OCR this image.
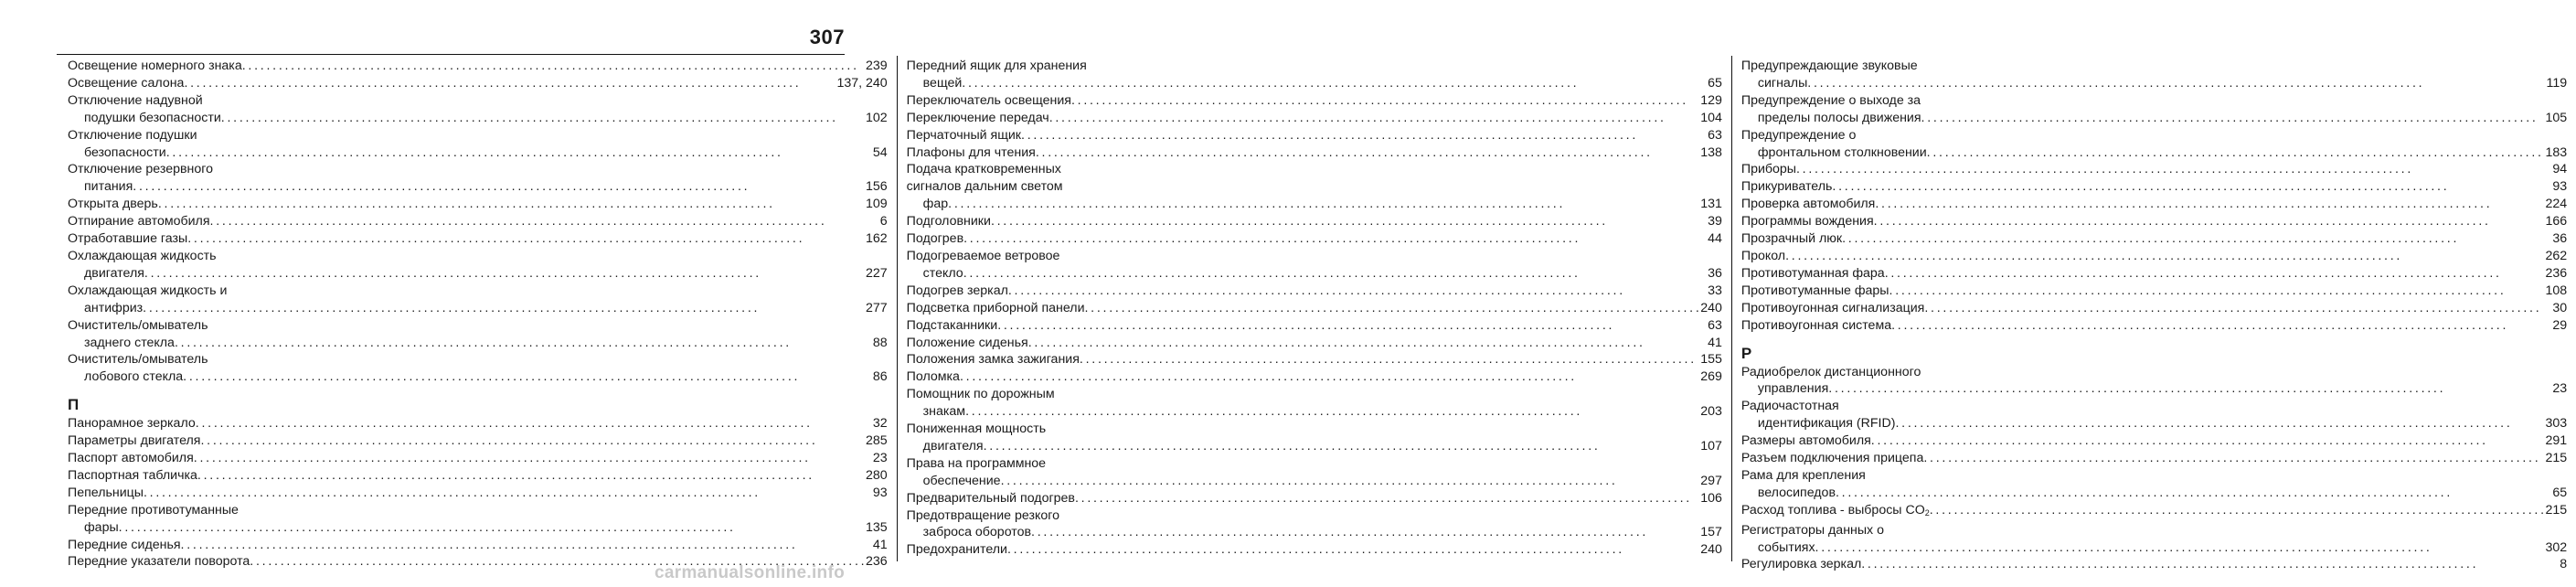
307
Освещение номерного знака . . .	239
Освещение салона . . .	137, 240
Отключение надувной
подушки безопасности . . .	102
Отключение подушки
безопасности . . .	54
Отключение резервного
питания . . .	156
Открыта дверь . . .	109
Отпирание автомобиля . . .	6
Отработавшие газы . . .	162
Охлаждающая жидкость
двигателя . . .	227
Охлаждающая жидкость и
антифриз . . .	277
Очиститель/омыватель
заднего стекла . . .	88
Очиститель/омыватель
лобового стекла . . .	86
П
Панорамное зеркало . . .	32
Параметры двигателя . . .	285
Паспорт автомобиля . . .	23
Паспортная табличка . . .	280
Пепельницы . . .	93
Передние противотуманные
фары . . .	135
Передние сиденья . . .	41
Передние указатели поворота . . .	236
Передний ящик для хранения
вещей . . .	65
Переключатель освещения . . .	129
Переключение передач . . .	104
Перчаточный ящик . . .	63
Плафоны для чтения . . .	138
Подача кратковременных
сигналов дальним светом
фар . . .	131
Подголовники . . .	39
Подогрев . . .	44
Подогреваемое ветровое
стекло . . .	36
Подогрев зеркал . . .	33
Подсветка приборной панели . . .	240
Подстаканники . . .	63
Положение сиденья . . .	41
Положения замка зажигания . . .	155
Поломка . . .	269
Помощник по дорожным
знакам . . .	203
Пониженная мощность
двигателя . . .	107
Права на программное
обеспечение . . .	297
Предварительный подогрев . . .	106
Предотвращение резкого
заброса оборотов . . .	157
Предохранители . . .	240
Предупреждающие звуковые
сигналы . . .	119
Предупреждение о выходе за
пределы полосы движения . . .	105
Предупреждение о
фронтальном столкновении . . .	183
Приборы . . .	94
Прикуриватель . . .	93
Проверка автомобиля . . .	224
Программы вождения . . .	166
Прозрачный люк . . .	36
Прокол . . .	262
Противотуманная фара . . .	236
Противотуманные фары . . .	108
Противоугонная сигнализация . . .	30
Противоугонная система . . .	29
Р
Радиобрелок дистанционного
управления . . .	23
Радиочастотная
идентификация (RFID) . . .	303
Размеры автомобиля . . .	291
Разъем подключения прицепа . . .	215
Рама для крепления
велосипедов . . .	65
Расход топлива - выбросы $CO_2$ . . .	215
Регистраторы данных о
событиях . . .	302
Регулировка зеркал . . .	8
carmanualsonline.info
